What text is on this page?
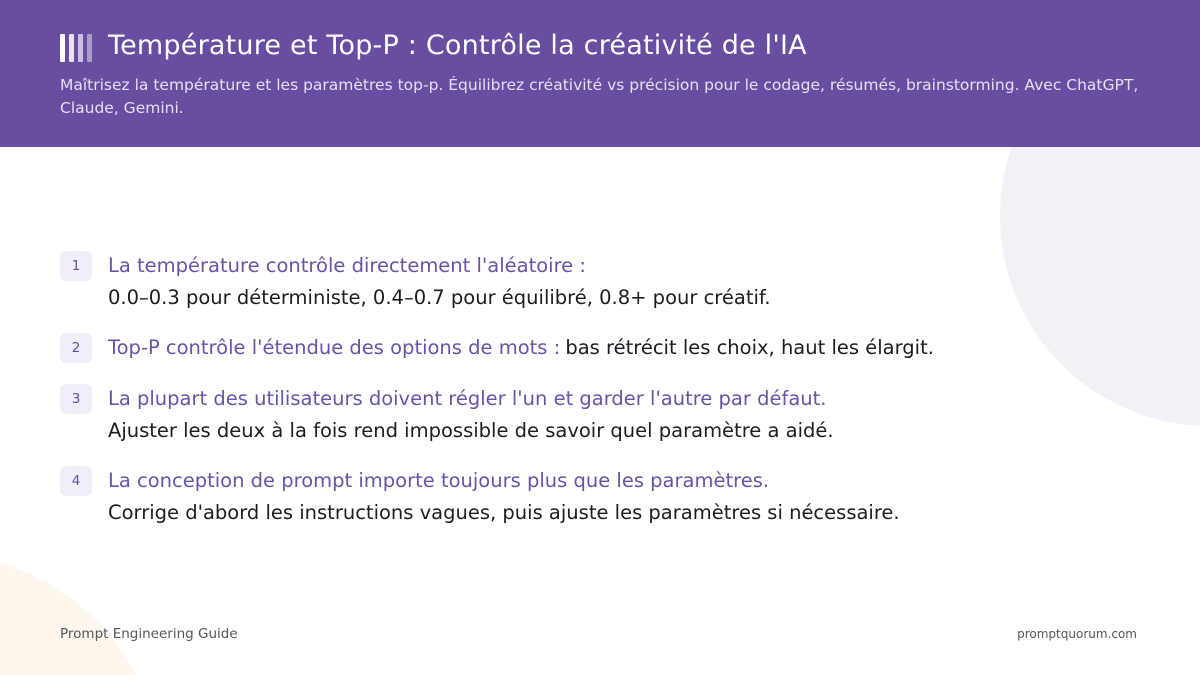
Température et Top-P : Contrôle la créativité de l'IA

Maîtrisez la température et les paramètres top-p. Équilibrez créativité vs précision pour le codage, résumés, brainstorming. Avec ChatGPT, Claude, Gemini.

1	La température contrôle directement l'aléatoire :
0.0–0.3 pour déterministe, 0.4–0.7 pour équilibré, 0.8+ pour créatif.
2	Top-P contrôle l'étendue des options de mots : bas rétrécit les choix, haut les élargit.
3	La plupart des utilisateurs doivent régler l'un et garder l'autre par défaut.
Ajuster les deux à la fois rend impossible de savoir quel paramètre a aidé.
4	La conception de prompt importe toujours plus que les paramètres.
Corrige d'abord les instructions vagues, puis ajuste les paramètres si nécessaire.
Prompt Engineering Guide	promptquorum.com
